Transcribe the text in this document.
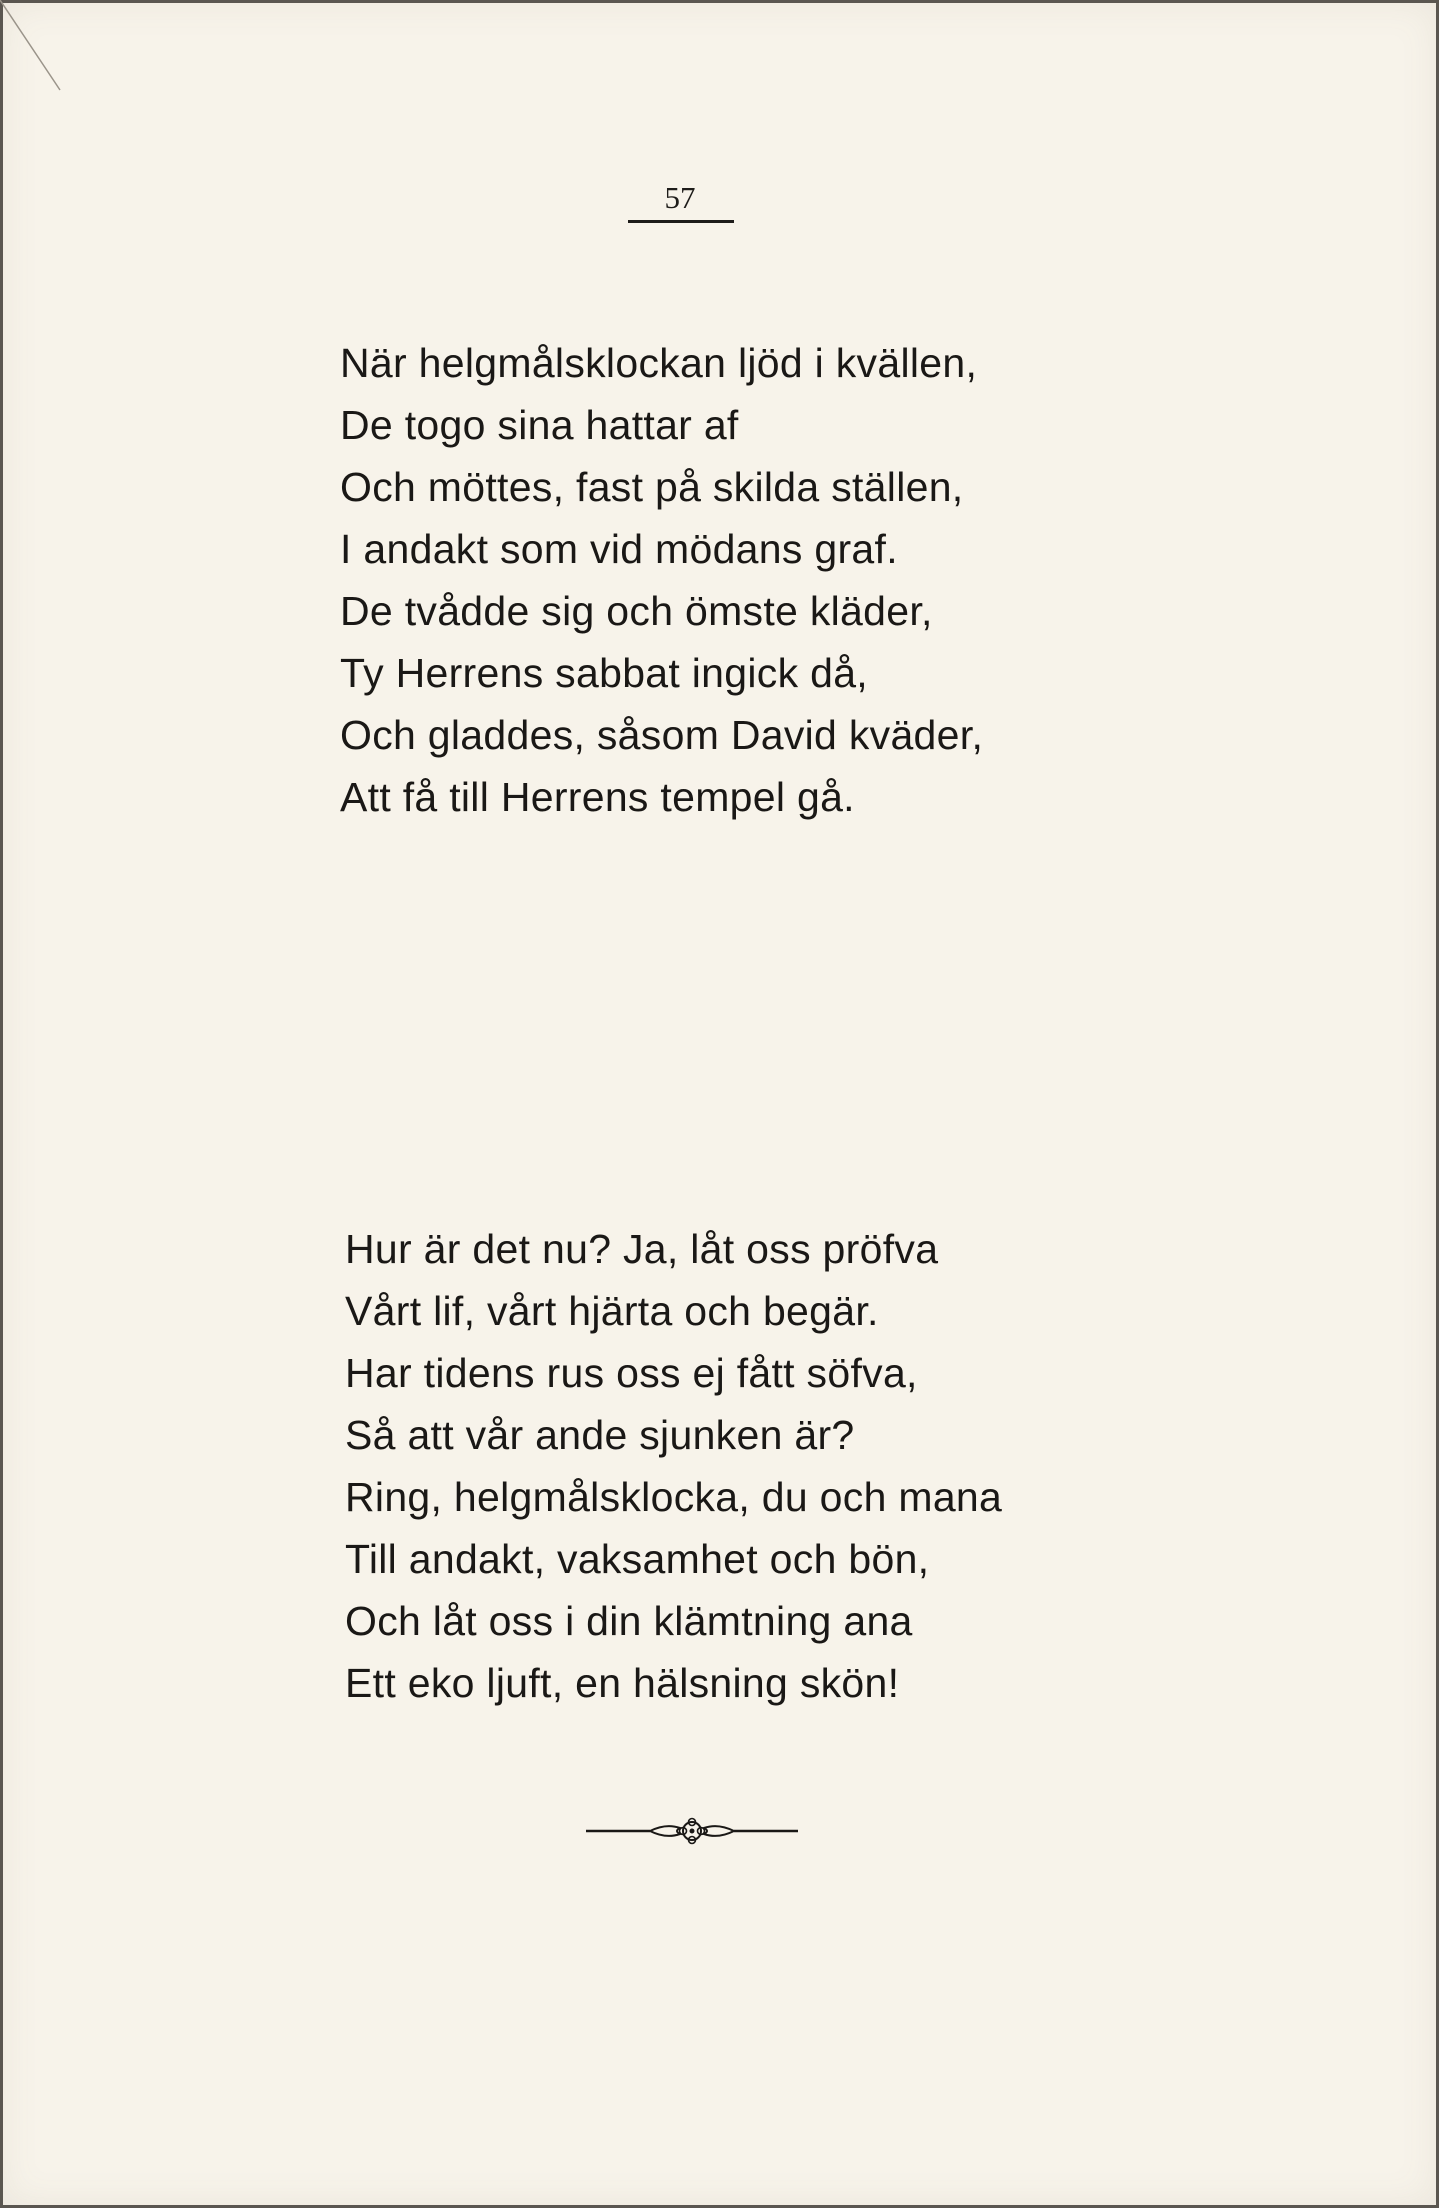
57
När helgmålsklockan ljöd i kvällen,
De togo sina hattar af
Och möttes, fast på skilda ställen,
I andakt som vid mödans graf.
De tvådde sig och ömste kläder,
Ty Herrens sabbat ingick då,
Och gladdes, såsom David kväder,
Att få till Herrens tempel gå.
Hur är det nu? Ja, låt oss pröfva
Vårt lif, vårt hjärta och begär.
Har tidens rus oss ej fått söfva,
Så att vår ande sjunken är?
Ring, helgmålsklocka, du och mana
Till andakt, vaksamhet och bön,
Och låt oss i din klämtning ana
Ett eko ljuft, en hälsning skön!
